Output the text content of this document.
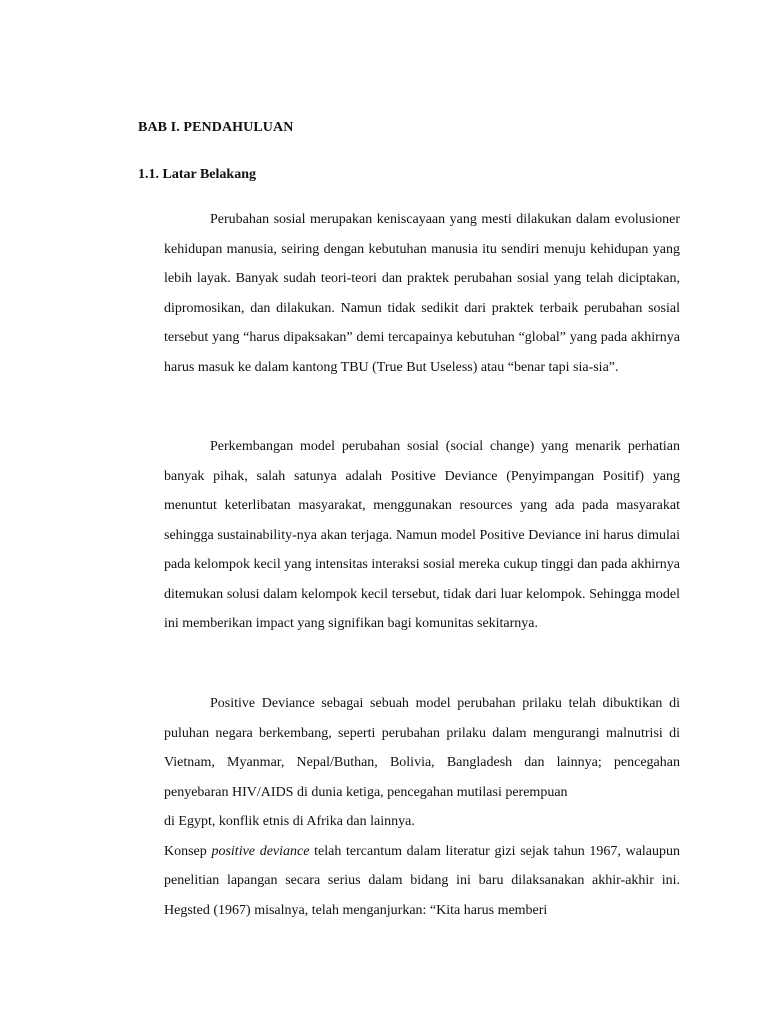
BAB I. PENDAHULUAN
1.1. Latar Belakang

Perubahan sosial merupakan keniscayaan yang mesti dilakukan dalam evolusioner kehidupan manusia, seiring dengan kebutuhan manusia itu sendiri menuju kehidupan yang lebih layak. Banyak sudah teori-teori dan praktek perubahan sosial yang telah diciptakan, dipromosikan, dan dilakukan. Namun tidak sedikit dari praktek terbaik perubahan sosial tersebut yang “harus dipaksakan” demi tercapainya kebutuhan “global” yang pada akhirnya harus masuk ke dalam kantong TBU (True But Useless) atau “benar tapi sia-sia”.

Perkembangan model perubahan sosial (social change) yang menarik perhatian banyak pihak, salah satunya adalah Positive Deviance (Penyimpangan Positif) yang menuntut keterlibatan masyarakat, menggunakan resources yang ada pada masyarakat sehingga sustainability-nya akan terjaga. Namun model Positive Deviance ini harus dimulai pada kelompok kecil yang intensitas interaksi sosial mereka cukup tinggi dan pada akhirnya ditemukan solusi dalam kelompok kecil tersebut, tidak dari luar kelompok. Sehingga model ini memberikan impact yang signifikan bagi komunitas sekitarnya.

Positive Deviance sebagai sebuah model perubahan prilaku telah dibuktikan di puluhan negara berkembang, seperti perubahan prilaku dalam mengurangi malnutrisi di Vietnam, Myanmar, Nepal/Buthan, Bolivia, Bangladesh dan lainnya; pencegahan penyebaran HIV/AIDS di dunia ketiga, pencegahan mutilasi perempuan
di Egypt, konflik etnis di Afrika dan lainnya.
Konsep positive deviance telah tercantum dalam literatur gizi sejak tahun 1967, walaupun penelitian lapangan secara serius dalam bidang ini baru dilaksanakan akhir-akhir ini. Hegsted (1967) misalnya, telah menganjurkan: “Kita harus memberi
